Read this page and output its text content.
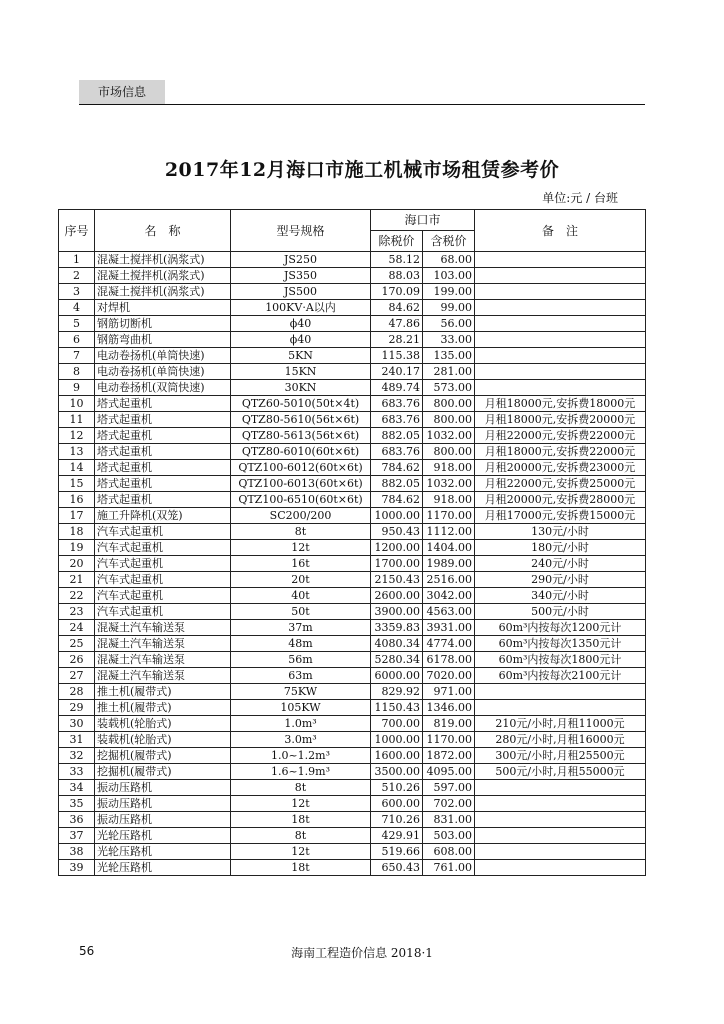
市场信息
2017年12月海口市施工机械市场租赁参考价
单位:元 / 台班
序号	名　称	型号规格	海口市		备　注
			除税价	含税价	
1	混凝土搅拌机(涡浆式)	JS250	58.12	68.00	
2	混凝土搅拌机(涡浆式)	JS350	88.03	103.00	
3	混凝土搅拌机(涡浆式)	JS500	170.09	199.00	
4	对焊机	100KV·A以内	84.62	99.00	
5	钢筋切断机	ϕ40	47.86	56.00	
6	钢筋弯曲机	ϕ40	28.21	33.00	
7	电动卷扬机(单筒快速)	5KN	115.38	135.00	
8	电动卷扬机(单筒快速)	15KN	240.17	281.00	
9	电动卷扬机(双筒快速)	30KN	489.74	573.00	
10	塔式起重机	QTZ60-5010(50t×4t)	683.76	800.00	月租18000元,安拆费18000元
11	塔式起重机	QTZ80-5610(56t×6t)	683.76	800.00	月租18000元,安拆费20000元
12	塔式起重机	QTZ80-5613(56t×6t)	882.05	1032.00	月租22000元,安拆费22000元
13	塔式起重机	QTZ80-6010(60t×6t)	683.76	800.00	月租18000元,安拆费22000元
14	塔式起重机	QTZ100-6012(60t×6t)	784.62	918.00	月租20000元,安拆费23000元
15	塔式起重机	QTZ100-6013(60t×6t)	882.05	1032.00	月租22000元,安拆费25000元
16	塔式起重机	QTZ100-6510(60t×6t)	784.62	918.00	月租20000元,安拆费28000元
17	施工升降机(双笼)	SC200/200	1000.00	1170.00	月租17000元,安拆费15000元
18	汽车式起重机	8t	950.43	1112.00	130元/小时
19	汽车式起重机	12t	1200.00	1404.00	180元/小时
20	汽车式起重机	16t	1700.00	1989.00	240元/小时
21	汽车式起重机	20t	2150.43	2516.00	290元/小时
22	汽车式起重机	40t	2600.00	3042.00	340元/小时
23	汽车式起重机	50t	3900.00	4563.00	500元/小时
24	混凝土汽车输送泵	37m	3359.83	3931.00	60m³内按每次1200元计
25	混凝土汽车输送泵	48m	4080.34	4774.00	60m³内按每次1350元计
26	混凝土汽车输送泵	56m	5280.34	6178.00	60m³内按每次1800元计
27	混凝土汽车输送泵	63m	6000.00	7020.00	60m³内按每次2100元计
28	推土机(履带式)	75KW	829.92	971.00	
29	推土机(履带式)	105KW	1150.43	1346.00	
30	装载机(轮胎式)	1.0m³	700.00	819.00	210元/小时,月租11000元
31	装载机(轮胎式)	3.0m³	1000.00	1170.00	280元/小时,月租16000元
32	挖掘机(履带式)	1.0~1.2m³	1600.00	1872.00	300元/小时,月租25500元
33	挖掘机(履带式)	1.6~1.9m³	3500.00	4095.00	500元/小时,月租55000元
34	振动压路机	8t	510.26	597.00	
35	振动压路机	12t	600.00	702.00	
36	振动压路机	18t	710.26	831.00	
37	光轮压路机	8t	429.91	503.00	
38	光轮压路机	12t	519.66	608.00	
39	光轮压路机	18t	650.43	761.00	
56	海南工程造价信息 2018·1
